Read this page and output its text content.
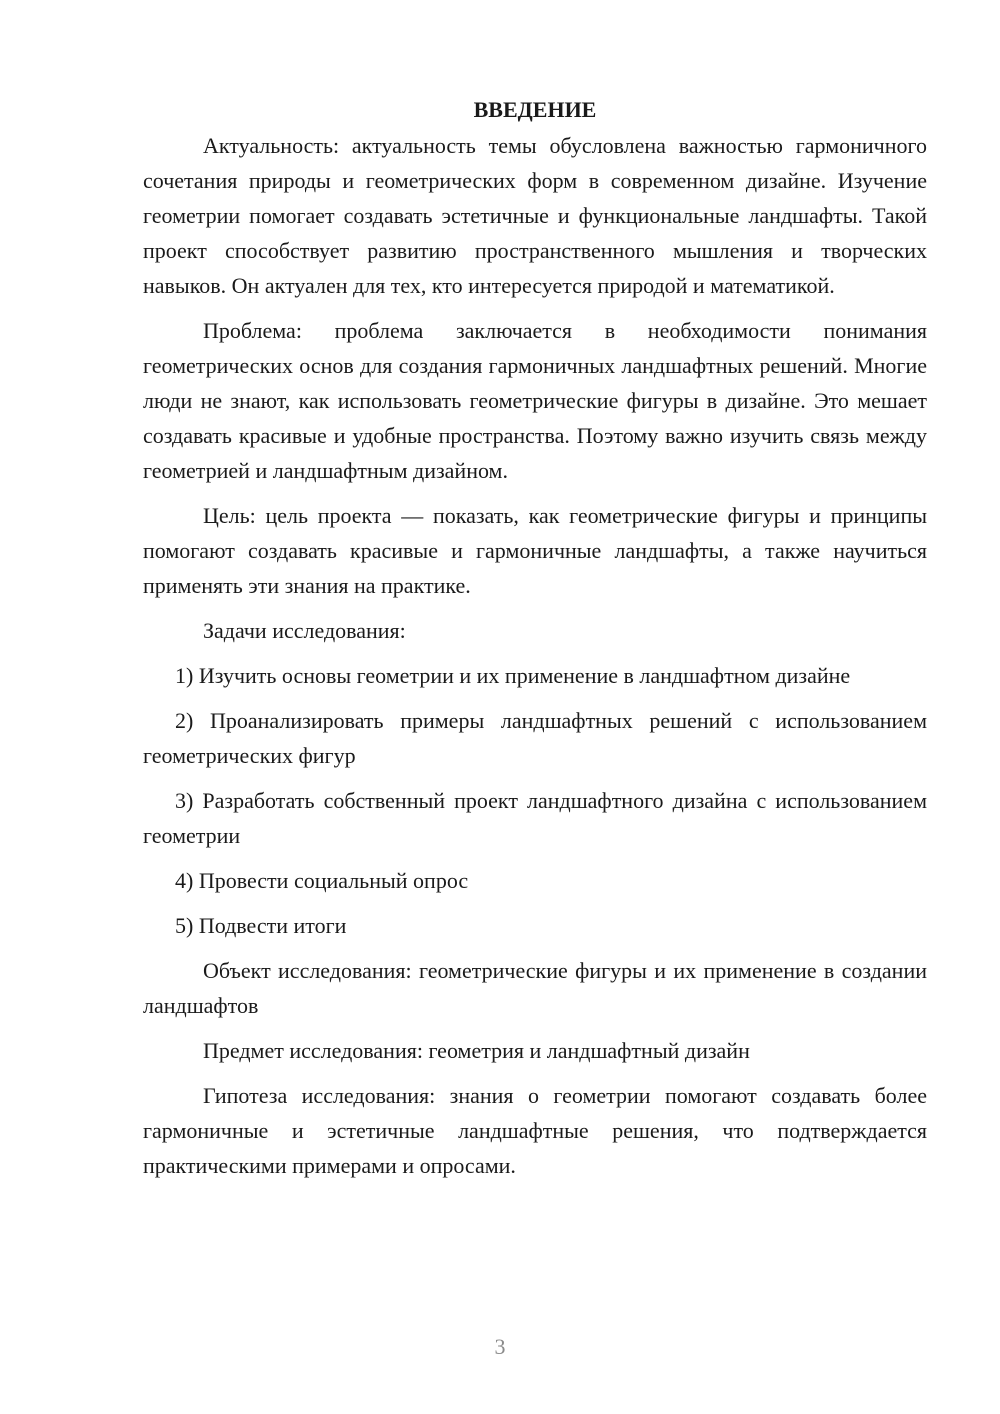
ВВЕДЕНИЕ

Актуальность: актуальность темы обусловлена важностью гармоничного сочетания природы и геометрических форм в современном дизайне. Изучение геометрии помогает создавать эстетичные и функциональные ландшафты. Такой проект способствует развитию пространственного мышления и творческих навыков. Он актуален для тех, кто интересуется природой и математикой.

Проблема: проблема заключается в необходимости понимания геометрических основ для создания гармоничных ландшафтных решений. Многие люди не знают, как использовать геометрические фигуры в дизайне. Это мешает создавать красивые и удобные пространства. Поэтому важно изучить связь между геометрией и ландшафтным дизайном.

Цель: цель проекта — показать, как геометрические фигуры и принципы помогают создавать красивые и гармоничные ландшафты, а также научиться применять эти знания на практике.

Задачи исследования:

1) Изучить основы геометрии и их применение в ландшафтном дизайне

2) Проанализировать примеры ландшафтных решений с использованием геометрических фигур

3) Разработать собственный проект ландшафтного дизайна с использованием геометрии

4) Провести социальный опрос

5) Подвести итоги

Объект исследования: геометрические фигуры и их применение в создании ландшафтов

Предмет исследования: геометрия и ландшафтный дизайн

Гипотеза исследования: знания о геометрии помогают создавать более гармоничные и эстетичные ландшафтные решения, что подтверждается практическими примерами и опросами.

3
